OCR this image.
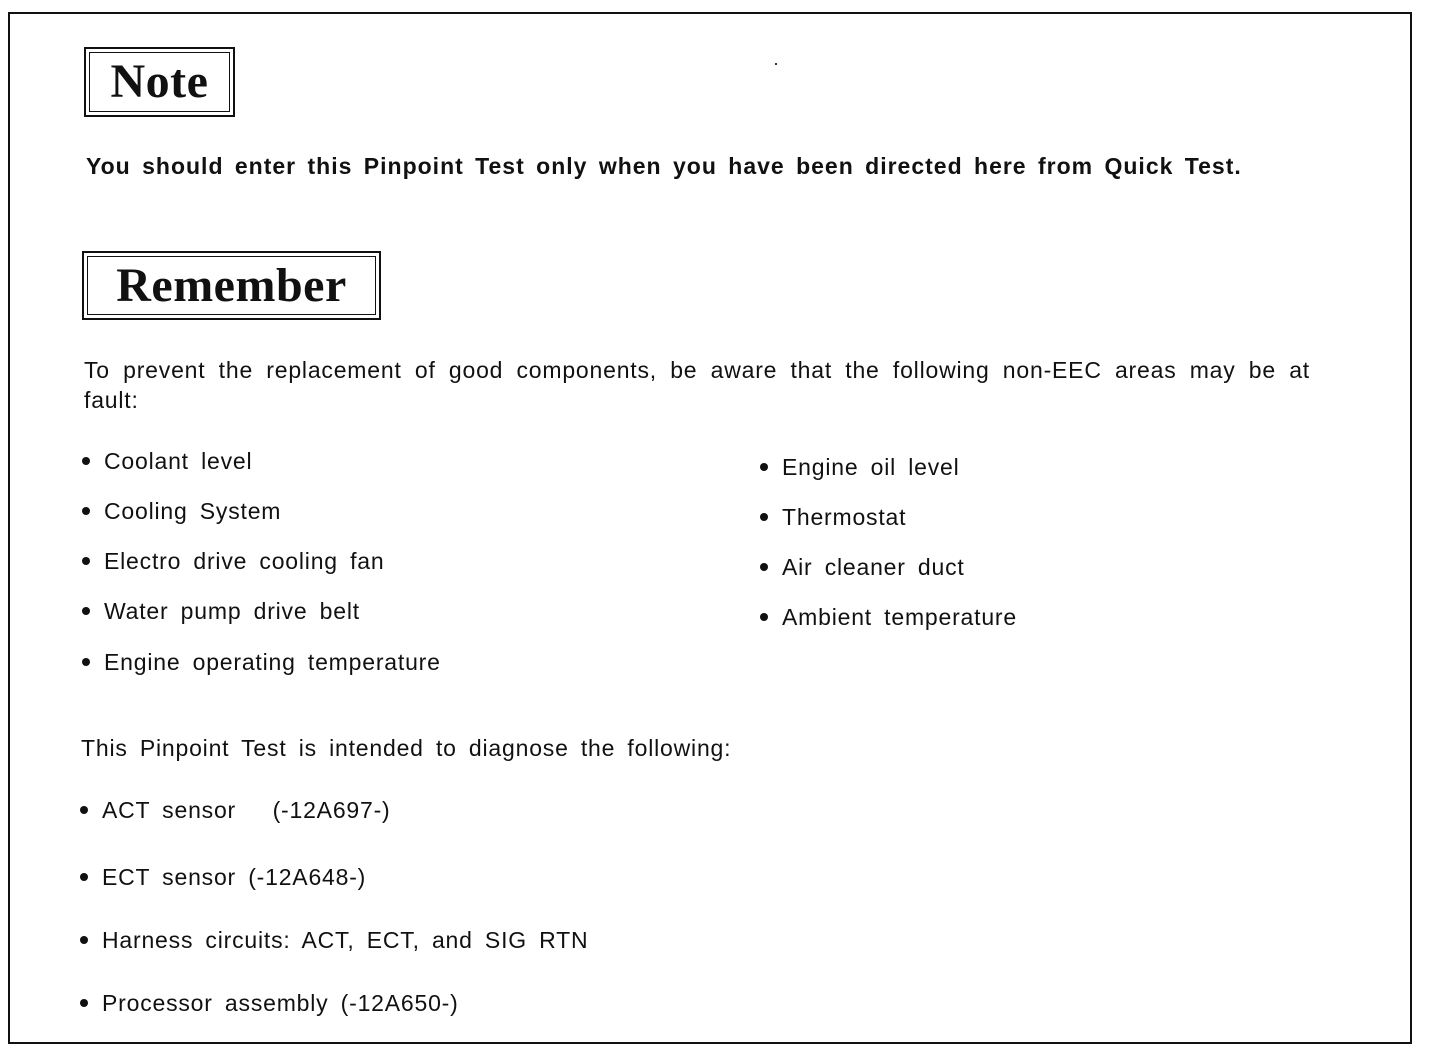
Note
You should enter this Pinpoint Test only when you have been directed here from Quick Test.
Remember
To prevent the replacement of good components, be aware that the following non-EEC areas may be at fault:
Coolant level
Cooling System
Electro drive cooling fan
Water pump drive belt
Engine operating temperature
Engine oil level
Thermostat
Air cleaner duct
Ambient temperature
This Pinpoint Test is intended to diagnose the following:
ACT sensor   (-12A697-)
ECT sensor (-12A648-)
Harness circuits: ACT, ECT, and SIG RTN
Processor assembly (-12A650-)
